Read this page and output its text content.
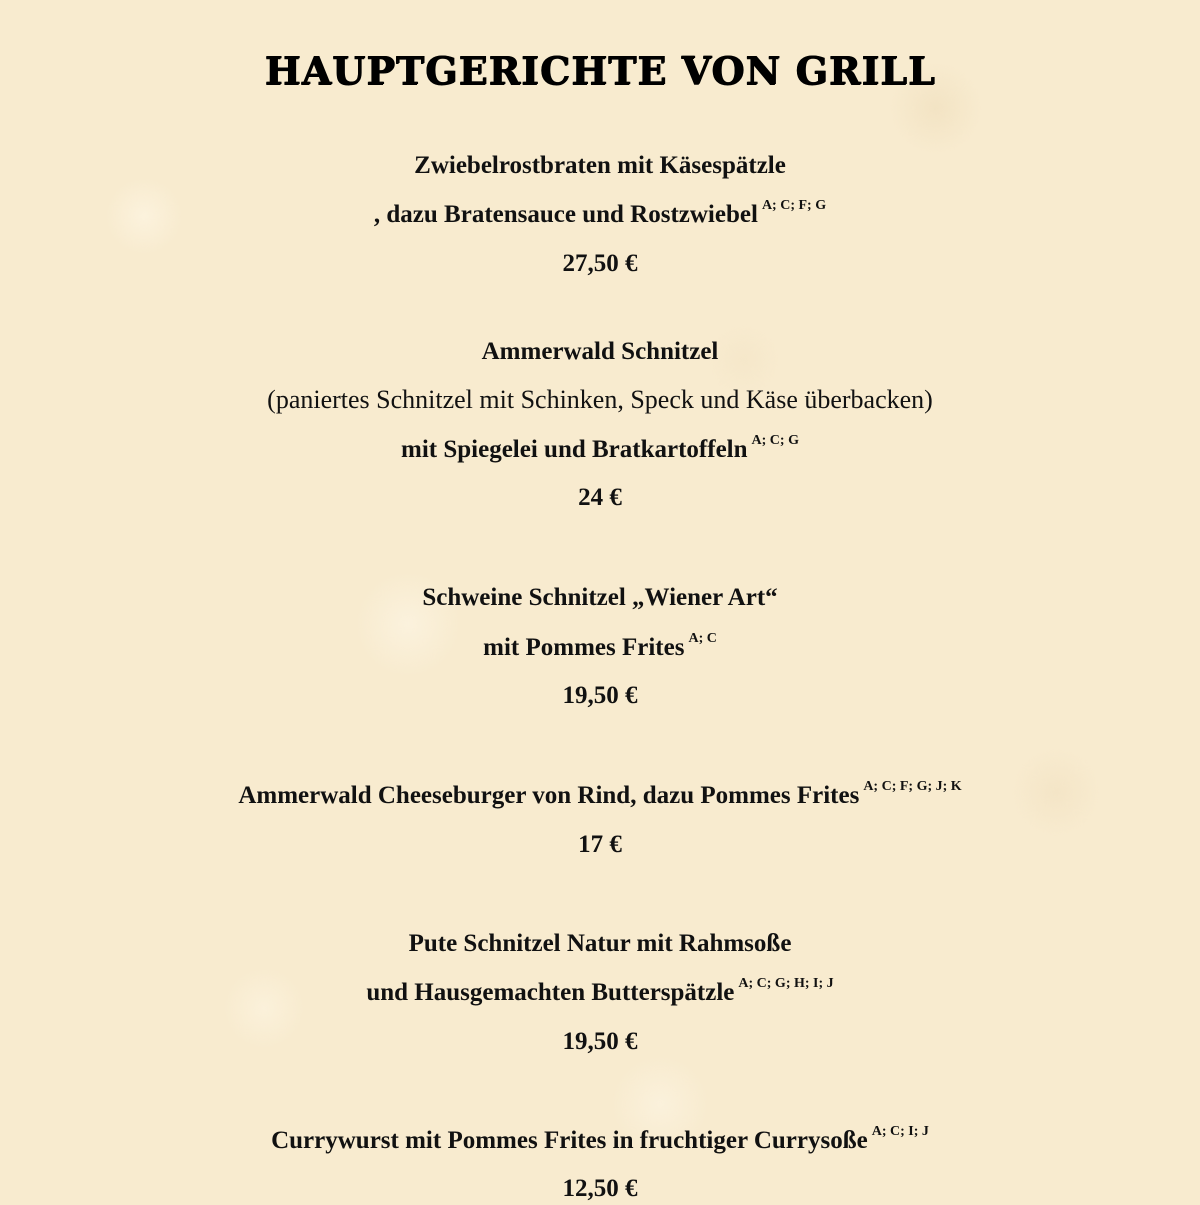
HAUPTGERICHTE VON GRILL
Zwiebelrostbraten mit Käsespätzle
, dazu Bratensauce und Rostzwiebel $^{A; C; F; G}$
27,50 €
Ammerwald Schnitzel
(paniertes Schnitzel mit Schinken, Speck und Käse überbacken)
mit Spiegelei und Bratkartoffeln $^{A; C; G}$
24 €
Schweine Schnitzel „Wiener Art“
mit Pommes Frites $^{A; C}$
19,50 €
Ammerwald Cheeseburger von Rind, dazu Pommes Frites $^{A; C; F; G; J; K}$
17 €
Pute Schnitzel Natur mit Rahmsoße
und Hausgemachten Butterspätzle $^{A; C; G; H; I; J}$
19,50 €
Currywurst mit Pommes Frites in fruchtiger Currysoße $^{A; C; I; J}$
12,50 €
